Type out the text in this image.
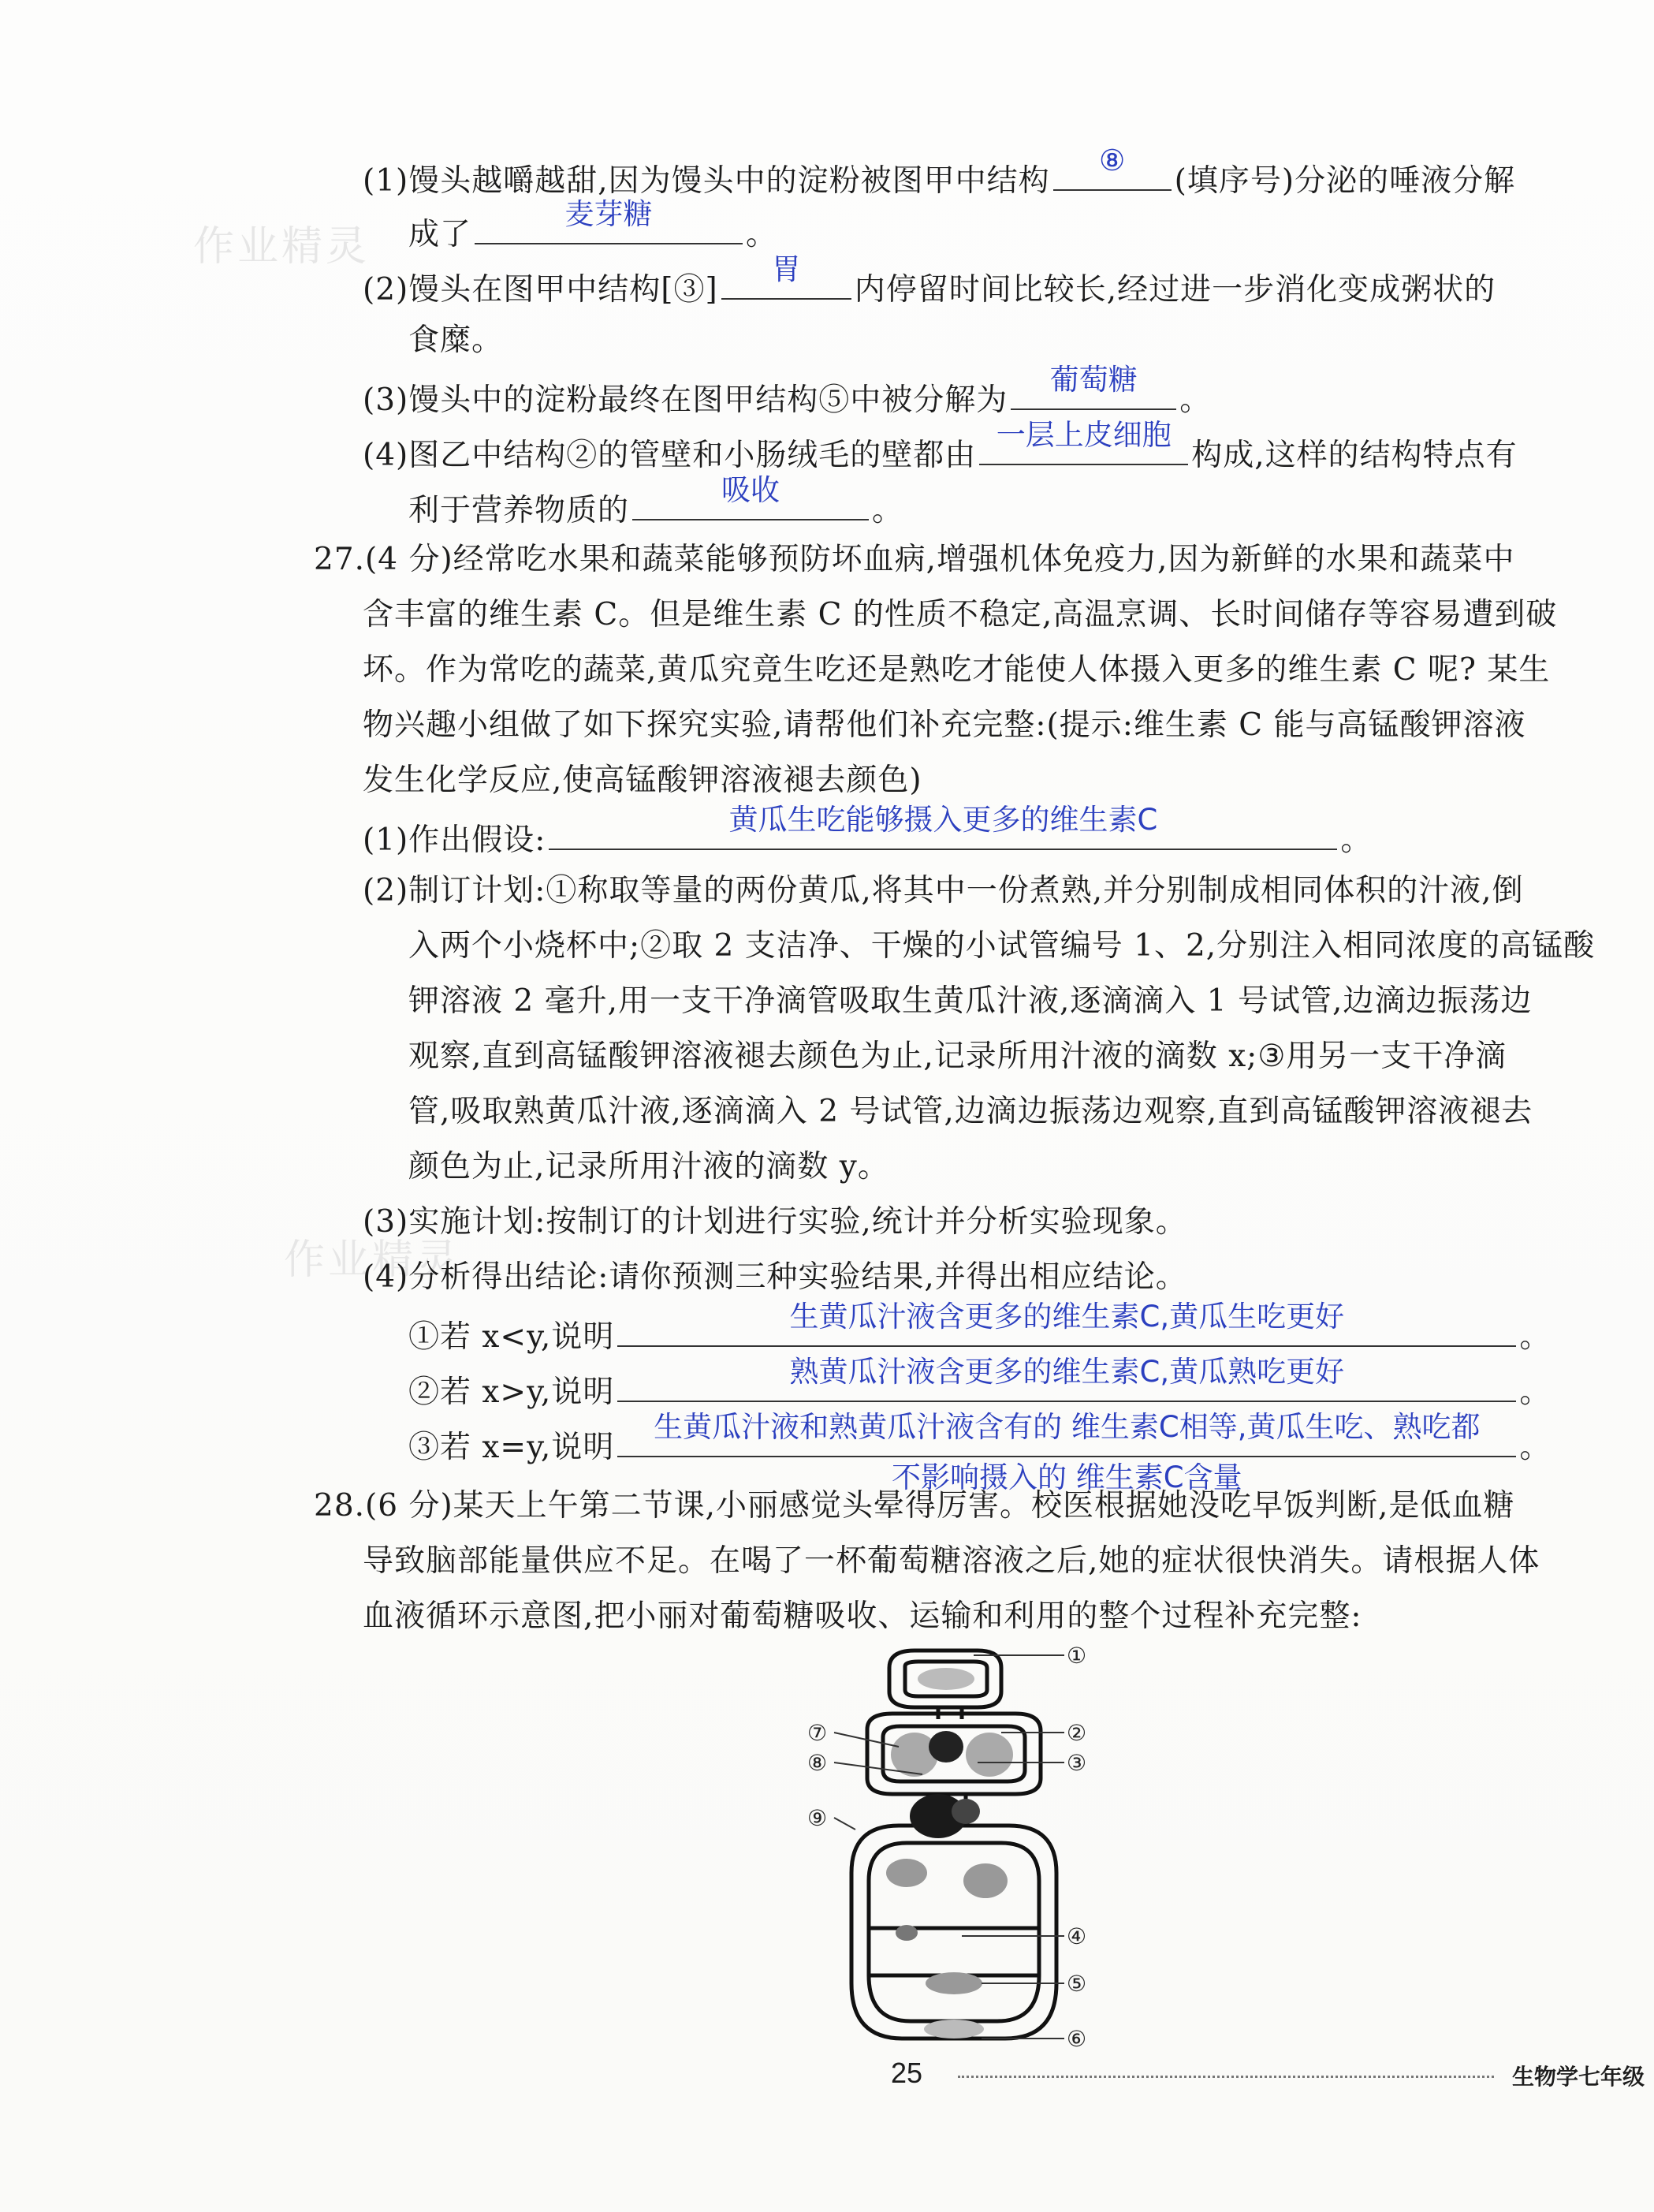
作业精灵
作业精灵
(1)馒头越嚼越甜,因为馒头中的淀粉被图甲中结构
⑧
(填序号)分泌的唾液分解
成了
麦芽糖
。
(2)馒头在图甲中结构[③]
胃
内停留时间比较长,经过进一步消化变成粥状的
食糜。
(3)馒头中的淀粉最终在图甲结构⑤中被分解为
葡萄糖
。
(4)图乙中结构②的管壁和小肠绒毛的壁都由
一层上皮细胞
构成,这样的结构特点有
利于营养物质的
吸收
。
27.(4 分)经常吃水果和蔬菜能够预防坏血病,增强机体免疫力,因为新鲜的水果和蔬菜中
含丰富的维生素 C。但是维生素 C 的性质不稳定,高温烹调、长时间储存等容易遭到破
坏。作为常吃的蔬菜,黄瓜究竟生吃还是熟吃才能使人体摄入更多的维生素 C 呢? 某生
物兴趣小组做了如下探究实验,请帮他们补充完整:(提示:维生素 C 能与高锰酸钾溶液
发生化学反应,使高锰酸钾溶液褪去颜色)
(1)作出假设:
黄瓜生吃能够摄入更多的维生素C
。
(2)制订计划:①称取等量的两份黄瓜,将其中一份煮熟,并分别制成相同体积的汁液,倒
入两个小烧杯中;②取 2 支洁净、干燥的小试管编号 1、2,分别注入相同浓度的高锰酸
钾溶液 2 毫升,用一支干净滴管吸取生黄瓜汁液,逐滴滴入 1 号试管,边滴边振荡边
观察,直到高锰酸钾溶液褪去颜色为止,记录所用汁液的滴数 x;③用另一支干净滴
管,吸取熟黄瓜汁液,逐滴滴入 2 号试管,边滴边振荡边观察,直到高锰酸钾溶液褪去
颜色为止,记录所用汁液的滴数 y。
(3)实施计划:按制订的计划进行实验,统计并分析实验现象。
(4)分析得出结论:请你预测三种实验结果,并得出相应结论。
①若 x<y,说明
生黄瓜汁液含更多的维生素C,黄瓜生吃更好
。
②若 x>y,说明
熟黄瓜汁液含更多的维生素C,黄瓜熟吃更好
。
③若 x=y,说明
生黄瓜汁液和熟黄瓜汁液含有的 维生素C相等,黄瓜生吃、熟吃都
不影响摄入的 维生素C含量
。
28.(6 分)某天上午第二节课,小丽感觉头晕得厉害。校医根据她没吃早饭判断,是低血糖
导致脑部能量供应不足。在喝了一杯葡萄糖溶液之后,她的症状很快消失。请根据人体
血液循环示意图,把小丽对葡萄糖吸收、运输和利用的整个过程补充完整:
①
②
③
④
⑤
⑥
⑦
⑧
⑨
25	生物学七年级
